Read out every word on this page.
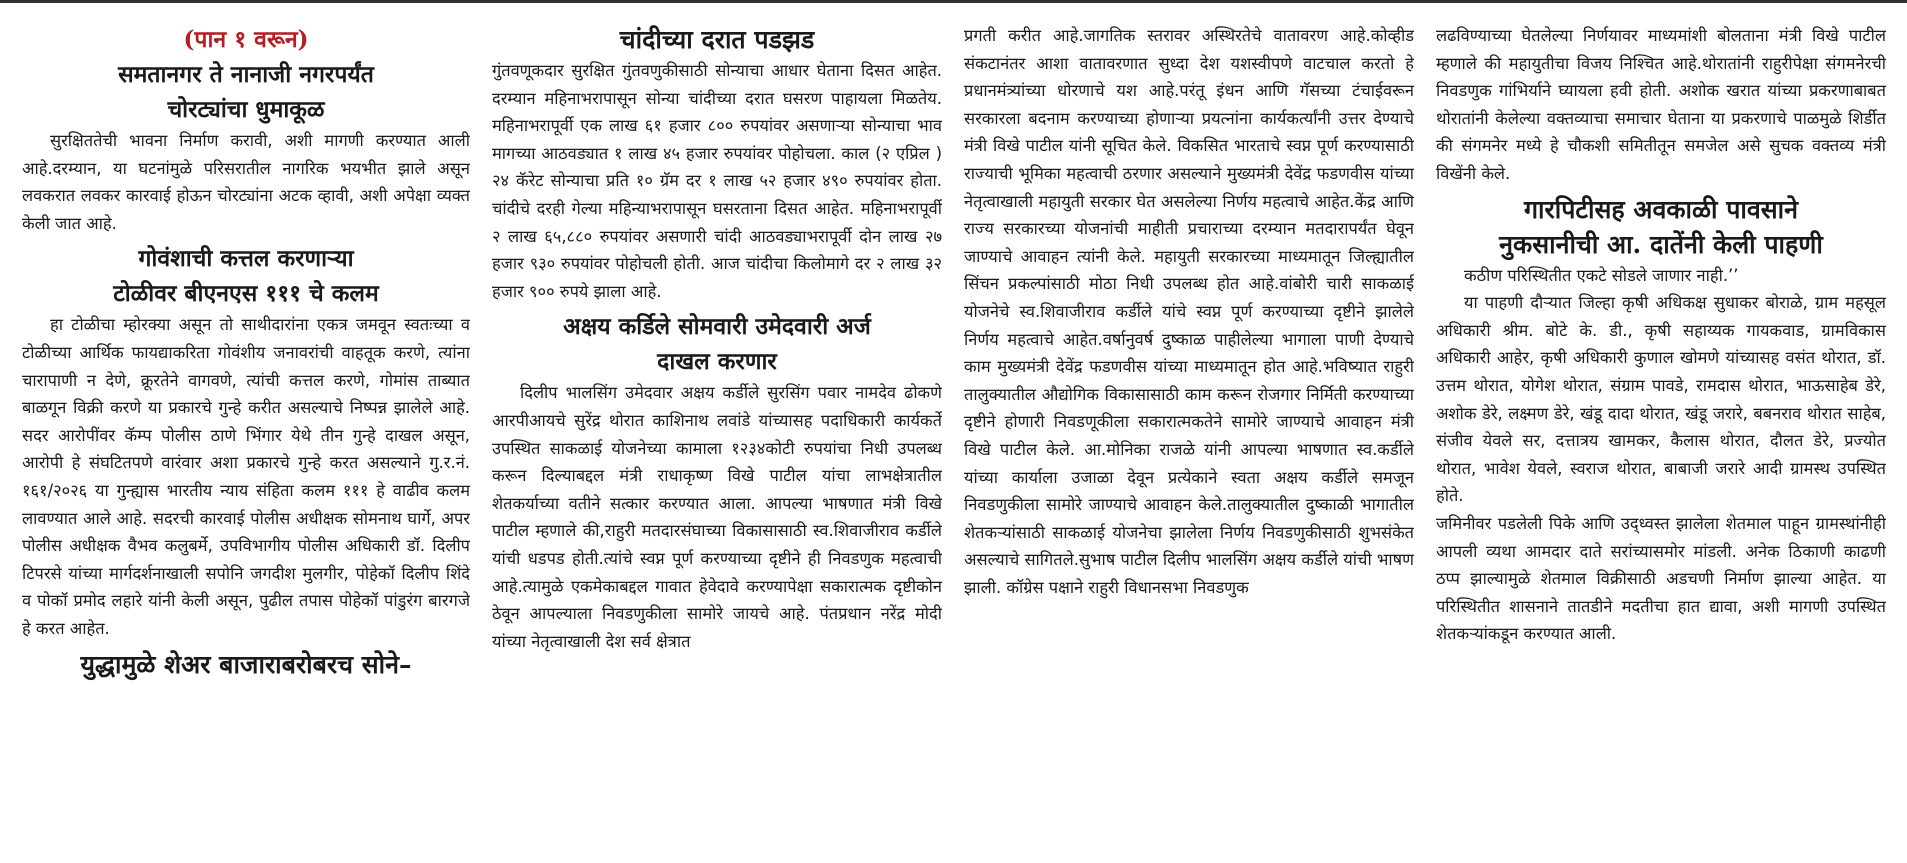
(पान १ वरून)
समतानगर ते नानाजी नगरपर्यंत
चोरट्यांचा धुमाकूळ

सुरक्षिततेची भावना निर्माण करावी, अशी मागणी करण्यात आली आहे.दरम्यान, या घटनांमुळे परिसरातील नागरिक भयभीत झाले असून लवकरात लवकर कारवाई होऊन चोरट्यांना अटक व्हावी, अशी अपेक्षा व्यक्त केली जात आहे.

गोवंशाची कत्तल करणाऱ्या
टोळीवर बीएनएस १११ चे कलम

हा टोळीचा म्होरक्या असून तो साथीदारांना एकत्र जमवून स्वतःच्या व टोळीच्या आर्थिक फायद्याकरिता गोवंशीय जनावरांची वाहतूक करणे, त्यांना चारापाणी न देणे, क्रूरतेने वागवणे, त्यांची कत्तल करणे, गोमांस ताब्यात बाळगून विक्री करणे या प्रकारचे गुन्हे करीत असल्याचे निष्पन्न झालेले आहे. सदर आरोपींवर कॅम्प पोलीस ठाणे भिंगार येथे तीन गुन्हे दाखल असून, आरोपी हे संघटितपणे वारंवार अशा प्रकारचे गुन्हे करत असल्याने गु.र.नं. १६१/२०२६ या गुन्ह्यास भारतीय न्याय संहिता कलम १११ हे वाढीव कलम लावण्यात आले आहे. सदरची कारवाई पोलीस अधीक्षक सोमनाथ घार्गे, अपर पोलीस अधीक्षक वैभव कलुबर्मे, उपविभागीय पोलीस अधिकारी डॉ. दिलीप टिपरसे यांच्या मार्गदर्शनाखाली सपोनि जगदीश मुलगीर, पोहेकॉ दिलीप शिंदे व पोकॉ प्रमोद लहारे यांनी केली असून, पुढील तपास पोहेकॉ पांडुरंग बारगजे हे करत आहेत.

युद्धामुळे शेअर बाजाराबरोबरच सोने–
चांदीच्या दरात पडझड

गुंतवणूकदार सुरक्षित गुंतवणुकीसाठी सोन्याचा आधार घेताना दिसत आहेत. दरम्यान महिनाभरापासून सोन्या चांदीच्या दरात घसरण पाहायला मिळतेय. महिनाभरापूर्वी एक लाख ६१ हजार ८०० रुपयांवर असणाऱ्या सोन्याचा भाव मागच्या आठवड्यात १ लाख ४५ हजार रुपयांवर पोहोचला. काल (२ एप्रिल ) २४ कॅरेट सोन्याचा प्रति १० ग्रॅम दर १ लाख ५२ हजार ४९० रुपयांवर होता. चांदीचे दरही गेल्या महिन्याभरापासून घसरताना दिसत आहेत. महिनाभरापूर्वी २ लाख ६५,८८० रुपयांवर असणारी चांदी आठवड्याभरापूर्वी दोन लाख २७ हजार ९३० रुपयांवर पोहोचली होती. आज चांदीचा किलोमागे दर २ लाख ३२ हजार ९०० रुपये झाला आहे.

अक्षय कर्डिले सोमवारी उमेदवारी अर्ज
दाखल करणार

दिलीप भालसिंग उमेदवार अक्षय कर्डीले सुरसिंग पवार नामदेव ढोकणे आरपीआयचे सुरेंद्र थोरात काशिनाथ लवांडे यांच्यासह पदाधिकारी कार्यकर्ते उपस्थित साकळाई योजनेच्या कामाला १२३४कोटी रुपयांचा निधी उपलब्ध करून दिल्याबद्दल मंत्री राधाकृष्ण विखे पाटील यांचा लाभक्षेत्रातील शेतकर्याच्या वतीने सत्कार करण्यात आला. आपल्या भाषणात मंत्री विखे पाटील म्हणाले की,राहुरी मतदारसंघाच्या विकासासाठी स्व.शिवाजीराव कर्डीले यांची धडपड होती.त्यांचे स्वप्न पूर्ण करण्याच्या दृष्टीने ही निवडणुक महत्वाची आहे.त्यामुळे एकमेकाबद्दल गावात हेवेदावे करण्यापेक्षा सकारात्मक दृष्टीकोन ठेवून आपल्याला निवडणुकीला सामोरे जायचे आहे. पंतप्रधान नरेंद्र मोदी यांच्या नेतृत्वाखाली देश सर्व क्षेत्रात

प्रगती करीत आहे.जागतिक स्तरावर अस्थिरतेचे वातावरण आहे.कोव्हीड संकटानंतर आशा वातावरणात सुध्दा देश यशस्वीपणे वाटचाल करतो हे प्रधानमंत्र्यांच्या धोरणाचे यश आहे.परंतू इंधन आणि गॅसच्या टंचाईवरून सरकारला बदनाम करण्याच्या होणाऱ्या प्रयत्नांना कार्यकर्त्यांनी उत्तर देण्याचे मंत्री विखे पाटील यांनी सूचित केले. विकसित भारताचे स्वप्न पूर्ण करण्यासाठी राज्याची भूमिका महत्वाची ठरणार असल्याने मुख्यमंत्री देवेंद्र फडणवीस यांच्या नेतृत्वाखाली महायुती सरकार घेत असलेल्या निर्णय महत्वाचे आहेत.केंद्र आणि राज्य सरकारच्या योजनांची माहीती प्रचाराच्या दरम्यान मतदारापर्यंत घेवून जाण्याचे आवाहन त्यांनी केले. महायुती सरकारच्या माध्यमातून जिल्ह्यातील सिंचन प्रकल्पांसाठी मोठा निधी उपलब्ध होत आहे.वांबोरी चारी साकळाई योजनेचे स्व.शिवाजीराव कर्डीले यांचे स्वप्न पूर्ण करण्याच्या दृष्टीने झालेले निर्णय महत्वाचे आहेत.वर्षानुवर्ष दुष्काळ पाहीलेल्या भागाला पाणी देण्याचे काम मुख्यमंत्री देवेंद्र फडणवीस यांच्या माध्यमातून होत आहे.भविष्यात राहुरी तालुक्यातील औद्योगिक विकासासाठी काम करून रोजगार निर्मिती करण्याच्या दृष्टीने होणारी निवडणूकीला सकारात्मकतेने सामोरे जाण्याचे आवाहन मंत्री विखे पाटील केले. आ.मोनिका राजळे यांनी आपल्या भाषणात स्व.कर्डीले यांच्या कार्याला उजाळा देवून प्रत्येकाने स्वता अक्षय कर्डीले समजून निवडणुकीला सामोरे जाण्याचे आवाहन केले.तालुक्यातील दुष्काळी भागातील शेतकऱ्यांसाठी साकळाई योजनेचा झालेला निर्णय निवडणुकीसाठी शुभसंकेत असल्याचे सागितले.सुभाष पाटील दिलीप भालसिंग अक्षय कर्डीले यांची भाषण झाली. कॉग्रेस पक्षाने राहुरी विधानसभा निवडणुक

लढविण्याच्या घेतलेल्या निर्णयावर माध्यमांशी बोलताना मंत्री विखे पाटील म्हणाले की महायुतीचा विजय निश्चित आहे.थोरातांनी राहुरीपेक्षा संगमनेरची निवडणुक गांभिर्याने घ्यायला हवी होती. अशोक खरात यांच्या प्रकरणाबाबत थोरातांनी केलेल्या वक्तव्याचा समाचार घेताना या प्रकरणाचे पाळमुळे शिर्डीत की संगमनेर मध्ये हे चौकशी समितीतून समजेल असे सुचक वक्तव्य मंत्री विखेंनी केले.

गारपिटीसह अवकाळी पावसाने
नुकसानीची आ. दातेंनी केली पाहणी

कठीण परिस्थितीत एकटे सोडले जाणार नाही.’’

या पाहणी दौऱ्यात जिल्हा कृषी अधिकक्ष सुधाकर बोराळे, ग्राम महसूल अधिकारी श्रीम. बोटे के. डी., कृषी सहाय्यक गायकवाड, ग्रामविकास अधिकारी आहेर, कृषी अधिकारी कुणाल खोमणे यांच्यासह वसंत थोरात, डॉ. उत्तम थोरात, योगेश थोरात, संग्राम पावडे, रामदास थोरात, भाऊसाहेब डेरे, अशोक डेरे, लक्ष्मण डेरे, खंडू दादा थोरात, खंडू जरारे, बबनराव थोरात साहेब, संजीव येवले सर, दत्तात्रय खामकर, कैलास थोरात, दौलत डेरे, प्रज्योत थोरात, भावेश येवले, स्वराज थोरात, बाबाजी जरारे आदी ग्रामस्थ उपस्थित होते.

जमिनीवर पडलेली पिके आणि उद्ध्वस्त झालेला शेतमाल पाहून ग्रामस्थांनीही आपली व्यथा आमदार दाते सरांच्यासमोर मांडली. अनेक ठिकाणी काढणी ठप्प झाल्यामुळे शेतमाल विक्रीसाठी अडचणी निर्माण झाल्या आहेत. या परिस्थितीत शासनाने तातडीने मदतीचा हात द्यावा, अशी मागणी उपस्थित शेतकऱ्यांकडून करण्यात आली.
